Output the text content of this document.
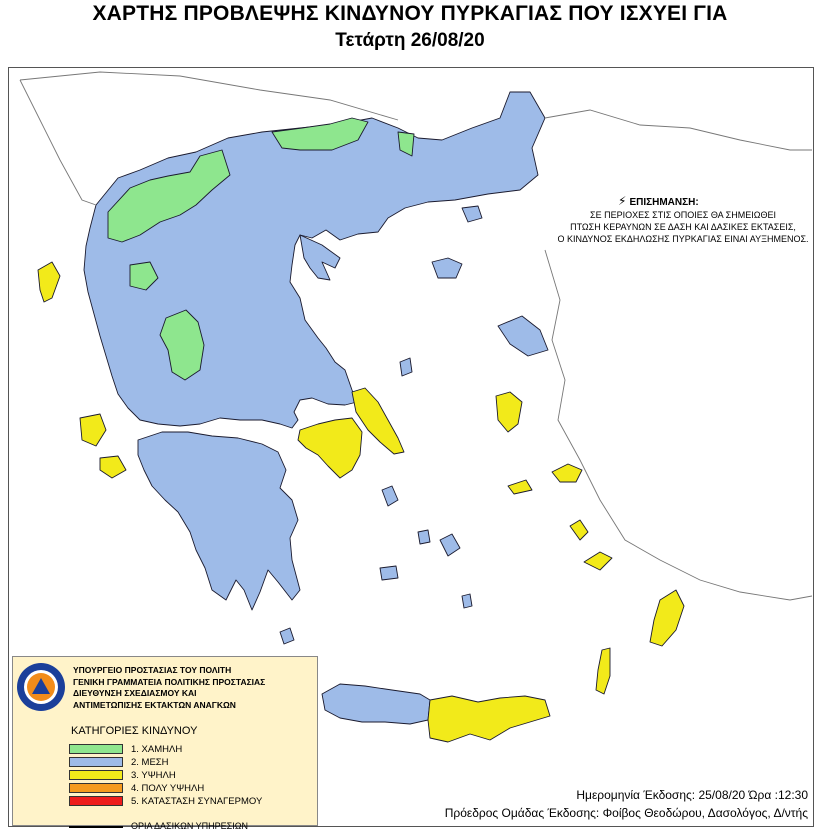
ΧΑΡΤΗΣ ΠΡΟΒΛΕΨΗΣ ΚΙΝΔΥΝΟΥ ΠΥΡΚΑΓΙΑΣ ΠΟΥ ΙΣΧΥΕΙ ΓΙΑ
Τετάρτη 26/08/20
⚡ ΕΠΙΣΗΜΑΝΣΗ:
ΣΕ ΠΕΡΙΟΧΕΣ ΣΤΙΣ ΟΠΟΙΕΣ ΘΑ ΣΗΜΕΙΩΘΕΙ
ΠΤΩΣΗ ΚΕΡΑΥΝΩΝ ΣΕ ΔΑΣΗ ΚΑΙ ΔΑΣΙΚΕΣ ΕΚΤΑΣΕΙΣ,
Ο ΚΙΝΔΥΝΟΣ ΕΚΔΗΛΩΣΗΣ ΠΥΡΚΑΓΙΑΣ ΕΙΝΑΙ ΑΥΞΗΜΕΝΟΣ.
ΥΠΟΥΡΓΕΙΟ ΠΡΟΣΤΑΣΙΑΣ ΤΟΥ ΠΟΛΙΤΗ
ΓΕΝΙΚΗ ΓΡΑΜΜΑΤΕΙΑ ΠΟΛΙΤΙΚΗΣ ΠΡΟΣΤΑΣΙΑΣ
ΔΙΕΥΘΥΝΣΗ ΣΧΕΔΙΑΣΜΟΥ ΚΑΙ
ΑΝΤΙΜΕΤΩΠΙΣΗΣ ΕΚΤΑΚΤΩΝ ΑΝΑΓΚΩΝ
ΚΑΤΗΓΟΡΙΕΣ ΚΙΝΔΥΝΟΥ
1. ΧΑΜΗΛΗ
2. ΜΕΣΗ
3. ΥΨΗΛΗ
4. ΠΟΛΥ ΥΨΗΛΗ
5. ΚΑΤΑΣΤΑΣΗ ΣΥΝΑΓΕΡΜΟΥ
ΟΡΙΑ ΔΑΣΙΚΩΝ ΥΠΗΡΕΣΙΩΝ
Ημερομηνία Έκδοσης: 25/08/20 Ώρα :12:30
Πρόεδρος Ομάδας Έκδοσης: Φοίβος Θεοδώρου, Δασολόγος, Δ/ντής
